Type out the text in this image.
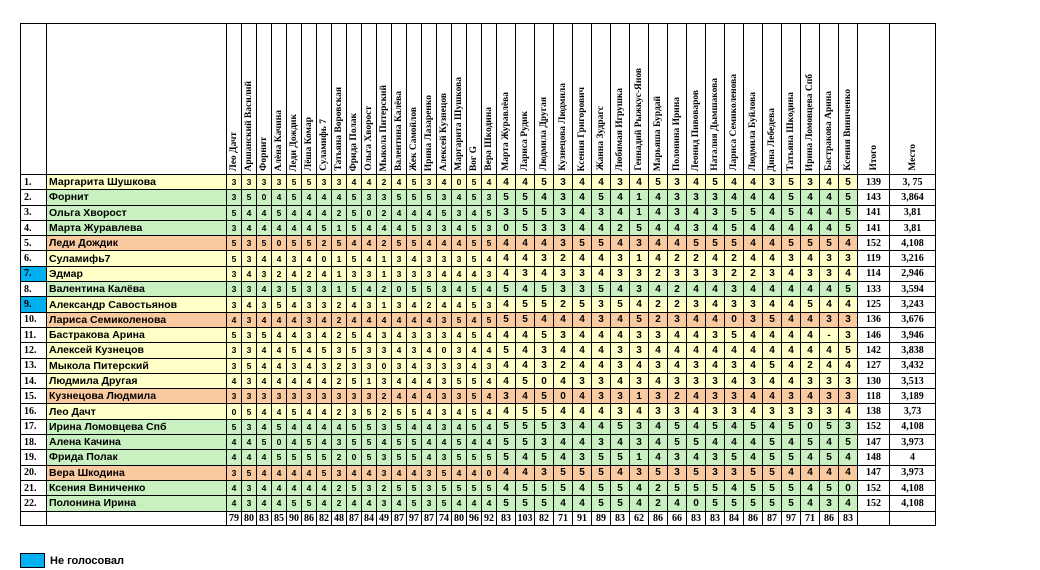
		Лео Дачт	Аршанский Василий	Форнит	Алёна Качина	Леди Дождик	Лёша Комар	Суламифь 7	Татьяна Воровская	Фрида Полак	Ольга Хворост	Мыкола Питерский	Валентина Калёва	Жек Самойлов	Ирина Лазаренко	Алексей Кузнецов	Маргарита Шушкова	Вог G	Вера Шкодина	Марта Журавлёва	Лариса Рудик	Людмила Другая	Кузнецова Людмила	Ксения Григорович	Жанна Зудрагс	Любимая Игрушка	Геннадий Рыжкус-Янов	Марьяша Бурдай	Полонина Ирина	Леонид Пивоваров	Наталия Дымшакова	Лариса Семиколенова	Людмила Буйлова	Дина Лебедева	Татьяна Шкодина	Ирина Ломовцева Спб	Бастракова Арина	Ксения Виниченко	Итого	Место
1.	Маргарита Шушкова	3	3	3	3	5	5	3	3	4	4	2	4	5	3	4	0	5	4	4	4	5	3	4	4	3	4	5	3	4	5	4	4	3	5	3	4	5	139	3, 75
2.	Форнит	3	5	0	4	5	4	4	4	5	3	3	5	5	5	3	4	5	3	5	5	4	3	4	5	4	1	4	3	3	3	4	4	4	5	4	4	5	143	3,864
3.	Ольга Хворост	5	4	4	5	4	4	4	2	5	0	2	4	4	4	5	3	4	5	3	5	5	3	4	3	4	1	4	3	4	3	5	5	4	5	4	4	5	141	3,81
4.	Марта Журавлева	3	4	4	4	4	4	5	1	5	4	4	4	5	3	3	4	5	3	0	5	3	3	4	4	2	5	4	4	3	4	5	4	4	4	4	4	5	141	3,81
5.	Леди Дождик	5	3	5	0	5	5	2	5	4	4	2	5	5	4	4	4	5	5	4	4	4	3	5	5	4	3	4	4	5	5	5	4	4	5	5	5	4	152	4,108
6.	Суламифь7	5	3	4	4	3	4	0	1	5	4	1	3	4	3	3	3	5	4	4	4	3	2	4	4	3	1	4	2	2	4	2	4	4	3	4	3	3	119	3,216
7.	Эдмар	3	4	3	2	4	2	4	1	3	3	1	3	3	3	4	4	4	3	4	3	4	3	3	4	3	3	2	3	3	3	2	2	3	4	3	3	4	114	2,946
8.	Валентина Калёва	3	3	4	3	5	3	3	1	5	4	2	0	5	5	3	4	5	4	5	4	5	3	3	5	4	3	4	2	4	4	3	4	4	4	4	4	5	133	3,594
9.	Александр Савостьянов	3	4	3	5	4	3	3	2	4	3	1	3	4	2	4	4	5	3	4	5	5	2	5	3	5	4	2	2	3	4	3	3	4	4	5	4	4	125	3,243
10.	Лариса Семиколенова	4	3	4	4	4	3	4	2	4	4	4	4	4	4	3	5	4	5	5	5	4	4	4	3	4	5	2	3	4	4	0	3	5	4	4	3	3	136	3,676
11.	Бастракова Арина	5	3	5	4	4	3	4	2	5	4	3	4	3	3	3	4	5	4	4	4	5	3	4	4	4	3	3	4	4	3	5	4	4	4	4	-	3	146	3,946
12.	Алексей Кузнецов	3	3	4	4	5	4	5	3	5	3	3	4	3	4	0	3	4	4	5	4	3	4	4	4	3	3	4	4	4	4	4	4	4	4	4	4	5	142	3,838
13.	Мыкола Питерский	3	5	4	4	3	4	3	2	3	3	0	3	4	3	3	3	4	3	4	4	3	2	4	4	3	4	3	4	3	4	3	4	5	4	2	4	4	127	3,432
14.	Людмила Другая	4	3	4	4	4	4	4	2	5	1	3	4	4	4	3	5	5	4	4	5	0	4	3	3	4	3	4	3	3	3	4	3	4	4	3	3	3	130	3,513
15.	Кузнецова Людмила	3	3	3	3	3	3	3	3	3	3	2	4	4	4	3	3	5	4	3	4	5	0	4	3	3	1	3	2	4	3	3	4	4	3	4	3	3	118	3,189
16.	Лео Дачт	0	5	4	4	5	4	4	2	3	5	2	5	5	4	3	4	5	4	4	5	5	4	4	4	3	4	3	3	4	3	3	4	3	3	3	3	4	138	3,73
17.	Ирина Ломовцева Спб	5	3	4	5	4	4	4	4	5	5	3	5	4	4	3	4	5	4	5	5	5	3	4	4	5	3	4	5	4	5	4	5	4	5	0	5	3	152	4,108
18.	Алена Качина	4	4	5	0	4	5	4	3	5	5	4	5	5	4	4	5	4	4	5	5	3	4	4	3	4	3	4	5	5	4	4	4	5	4	5	4	5	147	3,973
19.	Фрида Полак	4	4	4	5	5	5	5	2	0	5	3	5	5	4	3	5	5	5	5	4	5	4	3	5	5	1	4	3	4	3	5	4	5	5	4	5	4	148	4
20.	Вера Шкодина	3	5	4	4	4	4	5	3	4	4	3	4	4	3	5	4	4	0	4	4	3	5	5	5	4	3	5	3	5	3	3	5	5	4	4	4	4	147	3,973
21.	Ксения Виниченко	4	3	4	4	4	4	4	2	5	3	2	5	5	3	5	5	5	5	4	5	5	5	4	5	5	4	2	5	5	5	4	5	5	5	4	5	0	152	4,108
22.	Полонина Ирина	4	3	4	4	5	5	4	2	4	4	3	4	5	3	5	4	4	4	5	5	5	4	4	5	5	4	2	4	0	5	5	5	5	5	4	3	4	152	4,108
		79	80	83	85	90	86	82	48	87	84	49	87	97	87	74	80	96	92	83	103	82	71	91	89	83	62	86	66	83	83	84	86	87	97	71	86	83		
Не голосовал
